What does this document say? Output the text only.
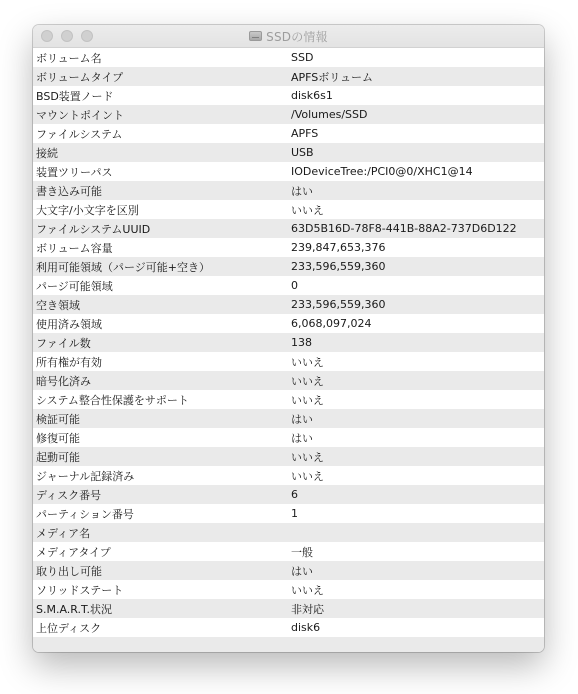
SSDの情報
ボリューム名	SSD
ボリュームタイプ	APFSボリューム
BSD装置ノード	disk6s1
マウントポイント	/Volumes/SSD
ファイルシステム	APFS
接続	USB
装置ツリーパス	IODeviceTree:/PCI0@0/XHC1@14
書き込み可能	はい
大文字/小文字を区別	いいえ
ファイルシステムUUID	63D5B16D-78F8-441B-88A2-737D6D122
ボリューム容量	239,847,653,376
利用可能領域（パージ可能+空き）	233,596,559,360
パージ可能領域	0
空き領域	233,596,559,360
使用済み領域	6,068,097,024
ファイル数	138
所有権が有効	いいえ
暗号化済み	いいえ
システム整合性保護をサポート	いいえ
検証可能	はい
修復可能	はい
起動可能	いいえ
ジャーナル記録済み	いいえ
ディスク番号	6
パーティション番号	1
メディア名
メディアタイプ	一般
取り出し可能	はい
ソリッドステート	いいえ
S.M.A.R.T.状況	非対応
上位ディスク	disk6
